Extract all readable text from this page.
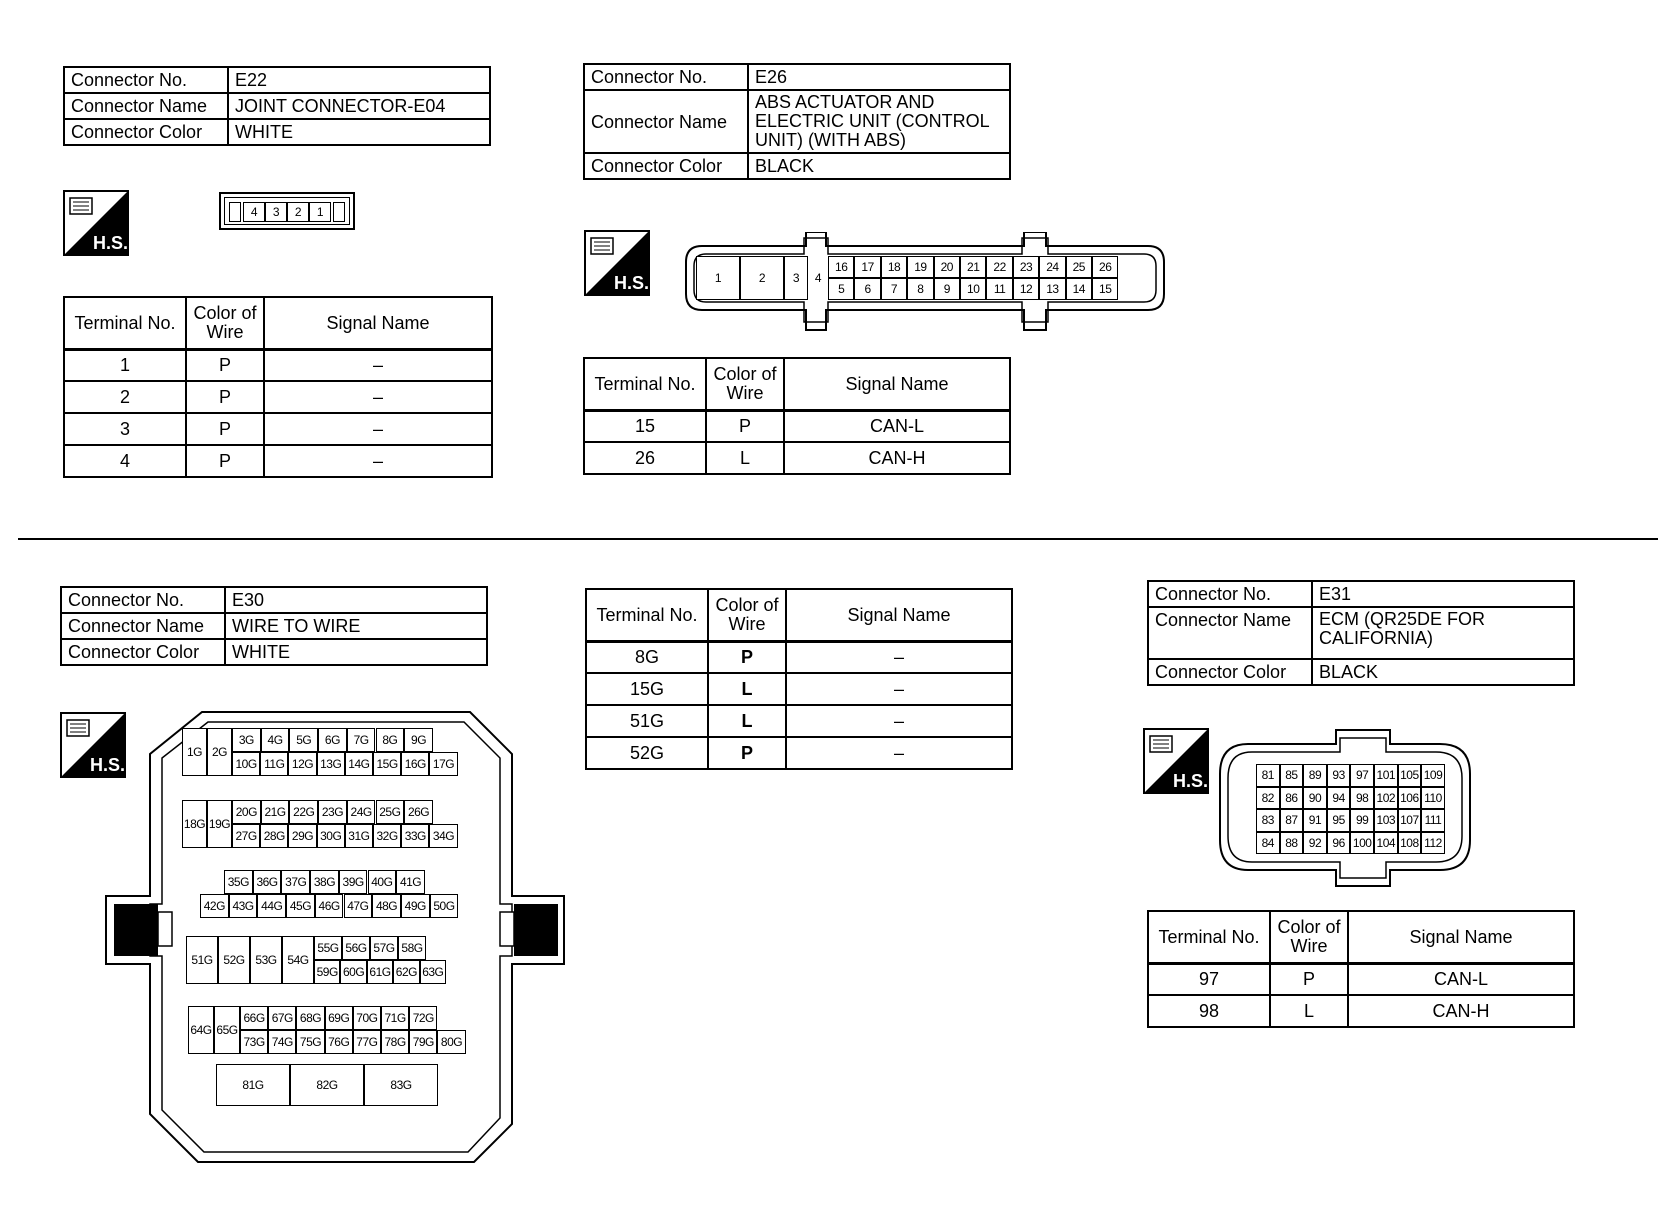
Connector No.	E22
Connector Name	JOINT CONNECTOR-E04
Connector Color	WHITE
H.S.
4	3	2	1
Terminal No.	Color of Wire	Signal Name
1	P	–
2	P	–
3	P	–
4	P	–
Connector No.	E26
Connector Name	ABS ACTUATOR AND ELECTRIC UNIT (CONTROL UNIT) (WITH ABS)
Connector Color	BLACK
H.S.	1	2	3	4
16	17	18	19	20	21	22	23	24	25	26
5	6	7	8	9	10	11	12	13	14	15
Terminal No.	Color of Wire	Signal Name
15	P	CAN-L
26	L	CAN-H
Connector No.	E30
Connector Name	WIRE TO WIRE
Connector Color	WHITE
H.S.
1G 2G
3G	4G	5G	6G	7G	8G	9G
10G 11G 12G 13G 14G 15G 16G 17G
18G 19G
20G 21G 22G 23G 24G 25G 26G
27G 28G 29G 30G 31G 32G 33G 34G
35G 36G 37G 38G 39G 40G 41G
42G 43G 44G 45G 46G 47G 48G 49G 50G
51G 52G 53G 54G
55G 56G 57G 58G
59G 60G 61G 62G 63G
64G 65G
66G 67G 68G 69G 70G 71G 72G
73G 74G 75G 76G 77G 78G 79G 80G
81G	82G	83G
Terminal No.	Color of Wire	Signal Name
8G	P	–
15G	L	–
51G	L	–
52G	P	–
Connector No.	E31
Connector Name	ECM (QR25DE FOR CALIFORNIA)
Connector Color	BLACK
H.S.	81 85 89 93 97 101 105 109
82 86 90 94 98 102 106 110
83 87 91 95 99 103 107 111
84 88 92 96 100 104 108 112
Terminal No.	Color of Wire	Signal Name
97	P	CAN-L
98	L	CAN-H
